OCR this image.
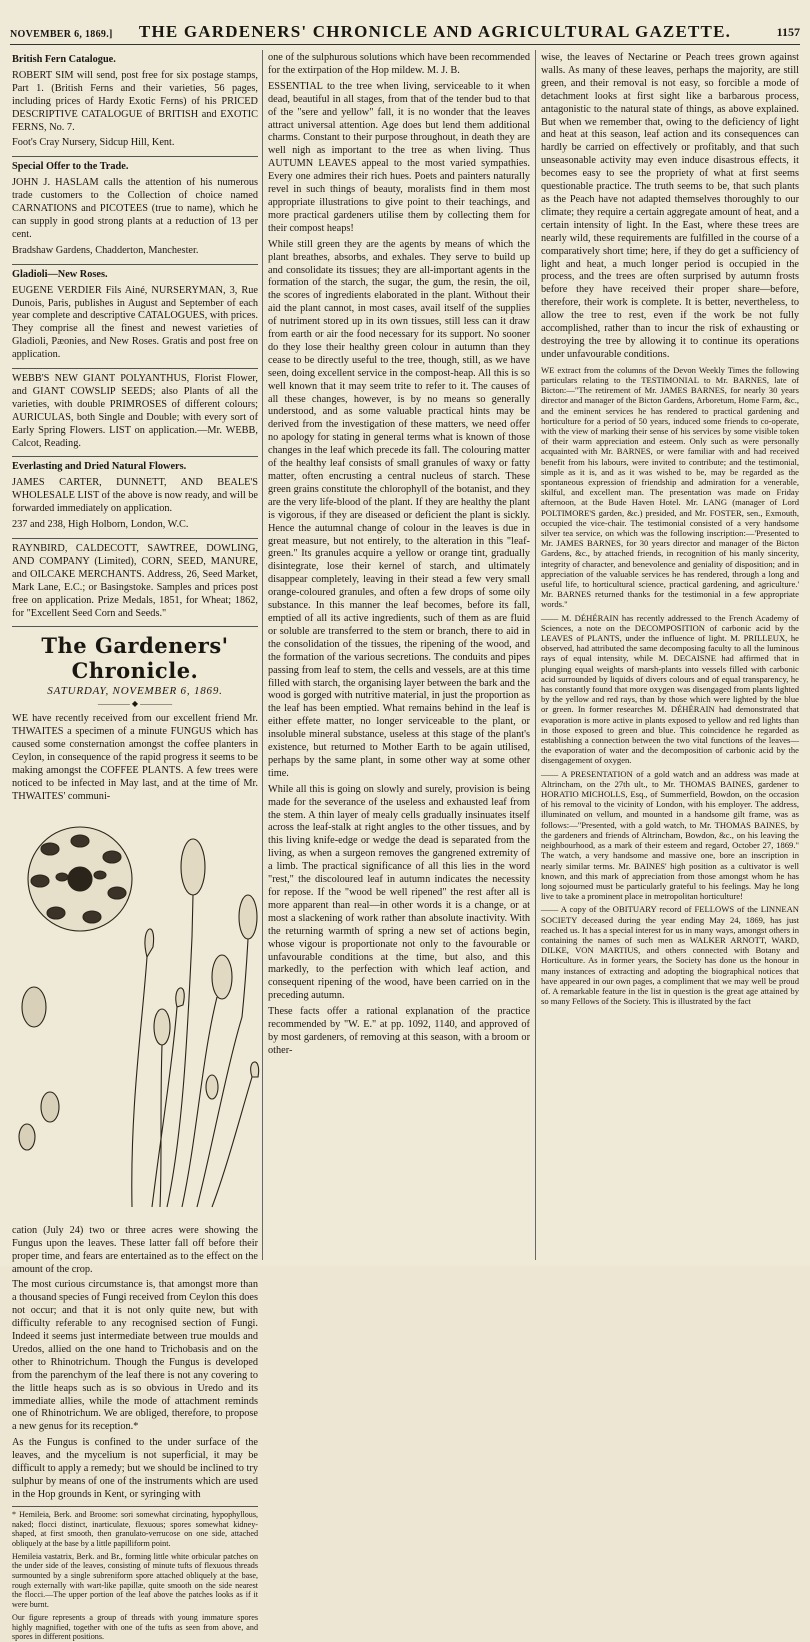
NOVEMBER 6, 1869.]	THE GARDENERS' CHRONICLE AND AGRICULTURAL GAZETTE.	1157

British Fern Catalogue.

ROBERT SIM will send, post free for six postage stamps, Part 1. (British Ferns and their varieties, 56 pages, including prices of Hardy Exotic Ferns) of his PRICED DESCRIPTIVE CATALOGUE of BRITISH and EXOTIC FERNS, No. 7.

Foot's Cray Nursery, Sidcup Hill, Kent.

Special Offer to the Trade.

JOHN J. HASLAM calls the attention of his numerous trade customers to the Collection of choice named CARNATIONS and PICOTEES (true to name), which he can supply in good strong plants at a reduction of 13 per cent.

Bradshaw Gardens, Chadderton, Manchester.

Gladioli—New Roses.

EUGENE VERDIER Fils Ainé, NURSERYMAN, 3, Rue Dunois, Paris, publishes in August and September of each year complete and descriptive CATALOGUES, with prices. They comprise all the finest and newest varieties of Gladioli, Pæonies, and New Roses. Gratis and post free on application.

WEBB'S NEW GIANT POLYANTHUS, Florist Flower, and GIANT COWSLIP SEEDS; also Plants of all the varieties, with double PRIMROSES of different colours; AURICULAS, both Single and Double; with every sort of Early Spring Flowers. LIST on application.—Mr. WEBB, Calcot, Reading.

Everlasting and Dried Natural Flowers.

JAMES CARTER, DUNNETT, AND BEALE'S WHOLESALE LIST of the above is now ready, and will be forwarded immediately on application.

237 and 238, High Holborn, London, W.C.

RAYNBIRD, CALDECOTT, SAWTREE, DOWLING, AND COMPANY (Limited), CORN, SEED, MANURE, and OILCAKE MERCHANTS. Address, 26, Seed Market, Mark Lane, E.C.; or Basingstoke. Samples and prices post free on application. Prize Medals, 1851, for Wheat; 1862, for "Excellent Seed Corn and Seeds."

The Gardeners' Chronicle.
SATURDAY, NOVEMBER 6, 1869.
———— ◆ ————

WE have recently received from our excellent friend Mr. THWAITES a specimen of a minute FUNGUS which has caused some consternation amongst the coffee planters in Ceylon, in consequence of the rapid progress it seems to be making amongst the COFFEE PLANTS. A few trees were noticed to be infected in May last, and at the time of Mr. THWAITES' communi-

cation (July 24) two or three acres were showing the Fungus upon the leaves. These latter fall off before their proper time, and fears are entertained as to the effect on the amount of the crop.

The most curious circumstance is, that amongst more than a thousand species of Fungi received from Ceylon this does not occur; and that it is not only quite new, but with difficulty referable to any recognised section of Fungi. Indeed it seems just intermediate between true moulds and Uredos, allied on the one hand to Trichobasis and on the other to Rhinotrichum. Though the Fungus is developed from the parenchym of the leaf there is not any covering to the little heaps such as is so obvious in Uredo and its immediate allies, while the mode of attachment reminds one of Rhinotrichum. We are obliged, therefore, to propose a new genus for its reception.*

As the Fungus is confined to the under surface of the leaves, and the mycelium is not superficial, it may be difficult to apply a remedy; but we should be inclined to try sulphur by means of one of the instruments which are used in the Hop grounds in Kent, or syringing with

* Hemileia, Berk. and Broome: sori somewhat circinating, hypophyllous, naked; flocci distinct, inarticulate, flexuous; spores somewhat kidney-shaped, at first smooth, then granulato-verrucose on one side, attached obliquely at the base by a little papilliform point.

Hemileia vastatrix, Berk. and Br., forming little white orbicular patches on the under side of the leaves, consisting of minute tufts of flexuous threads surmounted by a single subreniform spore attached obliquely at the base, rough externally with wart-like papillæ, quite smooth on the side nearest the flocci.—The upper portion of the leaf above the patches looks as if it were burnt.

Our figure represents a group of threads with young immature spores highly magnified, together with one of the tufts as seen from above, and spores in different positions.

one of the sulphurous solutions which have been recommended for the extirpation of the Hop mildew. M. J. B.

ESSENTIAL to the tree when living, serviceable to it when dead, beautiful in all stages, from that of the tender bud to that of the "sere and yellow" fall, it is no wonder that the leaves attract universal attention. Age does but lend them additional charms. Constant to their purpose throughout, in death they are well nigh as important to the tree as when living. Thus AUTUMN LEAVES appeal to the most varied sympathies. Every one admires their rich hues. Poets and painters naturally revel in such things of beauty, moralists find in them most appropriate illustrations to give point to their teachings, and more practical gardeners utilise them by collecting them for their compost heaps!

While still green they are the agents by means of which the plant breathes, absorbs, and exhales. They serve to build up and consolidate its tissues; they are all-important agents in the formation of the starch, the sugar, the gum, the resin, the oil, the scores of ingredients elaborated in the plant. Without their aid the plant cannot, in most cases, avail itself of the supplies of nutriment stored up in its own tissues, still less can it draw from earth or air the food necessary for its support. No sooner do they lose their healthy green colour in autumn than they cease to be directly useful to the tree, though, still, as we have seen, doing excellent service in the compost-heap. All this is so well known that it may seem trite to refer to it. The causes of all these changes, however, is by no means so generally understood, and as some valuable practical hints may be derived from the investigation of these matters, we need offer no apology for stating in general terms what is known of those changes in the leaf which precede its fall. The colouring matter of the healthy leaf consists of small granules of waxy or fatty matter, often encrusting a central nucleus of starch. These green grains constitute the chlorophyll of the botanist, and they are the very life-blood of the plant. If they are healthy the plant is vigorous, if they are diseased or deficient the plant is sickly. Hence the autumnal change of colour in the leaves is due in great measure, but not entirely, to the alteration in this "leaf-green." Its granules acquire a yellow or orange tint, gradually disintegrate, lose their kernel of starch, and ultimately disappear completely, leaving in their stead a few very small orange-coloured granules, and often a few drops of some oily substance. In this manner the leaf becomes, before its fall, emptied of all its active ingredients, such of them as are fluid or soluble are transferred to the stem or branch, there to aid in the consolidation of the tissues, the ripening of the wood, and the formation of the various secretions. The conduits and pipes passing from leaf to stem, the cells and vessels, are at this time filled with starch, the organising layer between the bark and the wood is gorged with nutritive material, in just the proportion as the leaf has been emptied. What remains behind in the leaf is either effete matter, no longer serviceable to the plant, or insoluble mineral substance, useless at this stage of the plant's existence, but returned to Mother Earth to be again utilised, perhaps by the same plant, in some other way at some other time.

While all this is going on slowly and surely, provision is being made for the severance of the useless and exhausted leaf from the stem. A thin layer of mealy cells gradually insinuates itself across the leaf-stalk at right angles to the other tissues, and by this living knife-edge or wedge the dead is separated from the living, as when a surgeon removes the gangrened extremity of a limb. The practical significance of all this lies in the word "rest," the discoloured leaf in autumn indicates the necessity for repose. If the "wood be well ripened" the rest after all is more apparent than real—in other words it is a change, or at most a slackening of work rather than absolute inactivity. With the returning warmth of spring a new set of actions begin, whose vigour is proportionate not only to the favourable or unfavourable conditions at the time, but also, and this markedly, to the perfection with which leaf action, and consequent ripening of the wood, have been carried on in the preceding autumn.

These facts offer a rational explanation of the practice recommended by "W. E." at pp. 1092, 1140, and approved of by most gardeners, of removing at this season, with a broom or other-

wise, the leaves of Nectarine or Peach trees grown against walls. As many of these leaves, perhaps the majority, are still green, and their removal is not easy, so forcible a mode of detachment looks at first sight like a barbarous process, antagonistic to the natural state of things, as above explained. But when we remember that, owing to the deficiency of light and heat at this season, leaf action and its consequences can hardly be carried on effectively or profitably, and that such unseasonable activity may even induce disastrous effects, it becomes easy to see the propriety of what at first seems questionable practice. The truth seems to be, that such plants as the Peach have not adapted themselves thoroughly to our climate; they require a certain aggregate amount of heat, and a certain intensity of light. In the East, where these trees are nearly wild, these requirements are fulfilled in the course of a comparatively short time; here, if they do get a sufficiency of light and heat, a much longer period is occupied in the process, and the trees are often surprised by autumn frosts before they have received their proper share—before, therefore, their work is complete. It is better, nevertheless, to allow the tree to rest, even if the work be not fully accomplished, rather than to incur the risk of exhausting or destroying the tree by allowing it to continue its operations under unfavourable conditions.

WE extract from the columns of the Devon Weekly Times the following particulars relating to the TESTIMONIAL to Mr. BARNES, late of Bicton:—"The retirement of Mr. JAMES BARNES, for nearly 30 years director and manager of the Bicton Gardens, Arboretum, Home Farm, &c., and the eminent services he has rendered to practical gardening and horticulture for a period of 50 years, induced some friends to co-operate, with the view of marking their sense of his services by some visible token of their warm appreciation and esteem. Only such as were personally acquainted with Mr. BARNES, or were familiar with and had received benefit from his labours, were invited to contribute; and the testimonial, simple as it is, and as it was wished to be, may be regarded as the spontaneous expression of friendship and admiration for a venerable, skilful, and excellent man. The presentation was made on Friday afternoon, at the Bude Haven Hotel. Mr. LANG (manager of Lord POLTIMORE'S garden, &c.) presided, and Mr. FOSTER, sen., Exmouth, occupied the vice-chair. The testimonial consisted of a very handsome silver tea service, on which was the following inscription:—'Presented to Mr. JAMES BARNES, for 30 years director and manager of the Bicton Gardens, &c., by attached friends, in recognition of his manly sincerity, integrity of character, and benevolence and geniality of disposition; and in appreciation of the valuable services he has rendered, through a long and useful life, to horticultural science, practical gardening, and agriculture.' Mr. BARNES returned thanks for the testimonial in a few appropriate words."

—— M. DÉHÉRAIN has recently addressed to the French Academy of Sciences, a note on the DECOMPOSITION of carbonic acid by the LEAVES of PLANTS, under the influence of light. M. PRILLEUX, he observed, had attributed the same decomposing faculty to all the luminous rays of equal intensity, while M. DECAISNE had affirmed that in plunging equal weights of marsh-plants into vessels filled with carbonic acid surrounded by liquids of divers colours and of equal transparency, he has constantly found that more oxygen was disengaged from plants lighted by the yellow and red rays, than by those which were lighted by the blue or green. In former researches M. DÉHÉRAIN had demonstrated that evaporation is more active in plants exposed to yellow and red lights than in those exposed to green and blue. This coincidence he regarded as establishing a connection between the two vital functions of the leaves—the evaporation of water and the decomposition of carbonic acid by the disengagement of oxygen.

—— A PRESENTATION of a gold watch and an address was made at Altrincham, on the 27th ult., to Mr. THOMAS BAINES, gardener to HORATIO MICHOLLS, Esq., of Summerfield, Bowdon, on the occasion of his removal to the vicinity of London, with his employer. The address, illuminated on vellum, and mounted in a handsome gilt frame, was as follows:—"Presented, with a gold watch, to Mr. THOMAS BAINES, by the gardeners and friends of Altrincham, Bowdon, &c., on his leaving the neighbourhood, as a mark of their esteem and regard, October 27, 1869." The watch, a very handsome and massive one, bore an inscription in nearly similar terms. Mr. BAINES' high position as a cultivator is well known, and this mark of appreciation from those amongst whom he has long sojourned must be particularly grateful to his feelings. May he long live to take a prominent place in metropolitan horticulture!

—— A copy of the OBITUARY record of FELLOWS of the LINNEAN SOCIETY deceased during the year ending May 24, 1869, has just reached us. It has a special interest for us in many ways, amongst others in containing the names of such men as WALKER ARNOTT, WARD, DILKE, VON MARTIUS, and others connected with Botany and Horticulture. As in former years, the Society has done us the honour in many instances of extracting and adopting the biographical notices that have appeared in our own pages, a compliment that we may well be proud of. A remarkable feature in the list in question is the great age attained by so many Fellows of the Society. This is illustrated by the fact
